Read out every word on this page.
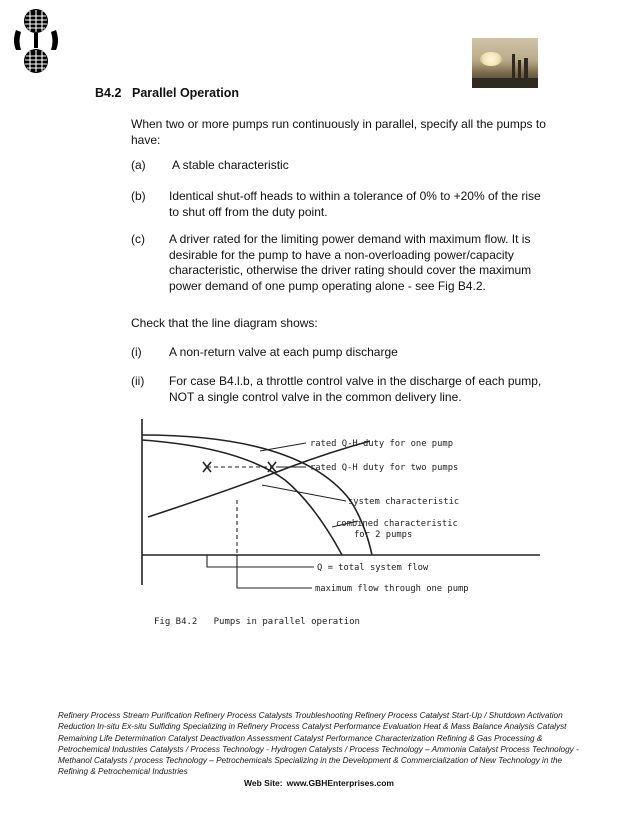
B4.2 Parallel Operation
When two or more pumps run continuously in parallel, specify all the pumps to have:
(a) A stable characteristic
(b) Identical shut-off heads to within a tolerance of 0% to +20% of the rise to shut off from the duty point.
(c) A driver rated for the limiting power demand with maximum flow. It is desirable for the pump to have a non-overloading power/capacity characteristic, otherwise the driver rating should cover the maximum power demand of one pump operating alone - see Fig B4.2.
Check that the line diagram shows:
(i) A non-return valve at each pump discharge
(ii) For case B4.l.b, a throttle control valve in the discharge of each pump, NOT a single control valve in the common delivery line.
rated Q-H duty for one pump
rated Q-H duty for two pumps
system characteristic
combined characteristic
for 2 pumps
Q = total system flow
maximum flow through one pump
Fig B4.2   Pumps in parallel operation
Refinery Process Stream Purification Refinery Process Catalysts Troubleshooting Refinery Process Catalyst Start-Up / Shutdown Activation Reduction In-situ Ex-situ Sulfiding Specializing in Refinery Process Catalyst Performance Evaluation Heat & Mass Balance Analysis Catalyst Remaining Life Determination Catalyst Deactivation Assessment Catalyst Performance Characterization Refining & Gas Processing & Petrochemical Industries Catalysts / Process Technology - Hydrogen Catalysts / Process Technology – Ammonia Catalyst Process Technology - Methanol Catalysts / process Technology – Petrochemicals Specializing in the Development & Commercialization of New Technology in the Refining & Petrochemical Industries
Web Site: www.GBHEnterprises.com
